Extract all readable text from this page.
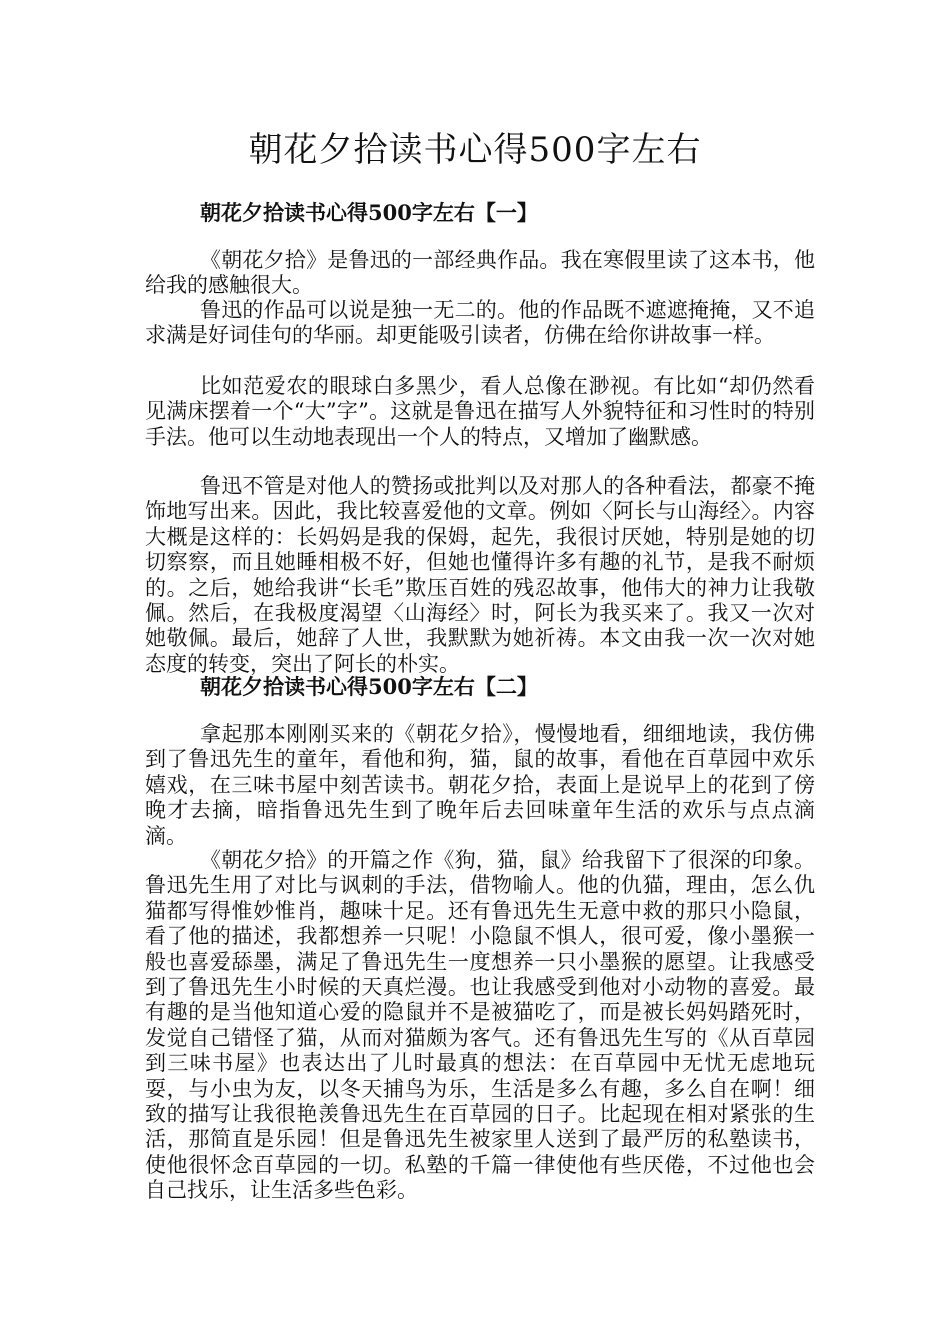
朝花夕拾读书心得500字左右
朝花夕拾读书心得500字左右【一】

《朝花夕拾》是鲁迅的一部经典作品。我在寒假里读了这本书，他给我的感触很大。

鲁迅的作品可以说是独一无二的。他的作品既不遮遮掩掩，又不追求满是好词佳句的华丽。却更能吸引读者，仿佛在给你讲故事一样。

比如范爱农的眼球白多黑少，看人总像在渺视。有比如“却仍然看见满床摆着一个“大”字”。这就是鲁迅在描写人外貌特征和习性时的特别手法。他可以生动地表现出一个人的特点，又增加了幽默感。

鲁迅不管是对他人的赞扬或批判以及对那人的各种看法，都豪不掩饰地写出来。因此，我比较喜爱他的文章。例如〈阿长与山海经〉。内容大概是这样的：长妈妈是我的保姆，起先，我很讨厌她，特别是她的切切察察，而且她睡相极不好，但她也懂得许多有趣的礼节，是我不耐烦的。之后，她给我讲“长毛”欺压百姓的残忍故事，他伟大的神力让我敬佩。然后，在我极度渴望〈山海经〉时，阿长为我买来了。我又一次对她敬佩。最后，她辞了人世，我默默为她祈祷。本文由我一次一次对她态度的转变，突出了阿长的朴实。

朝花夕拾读书心得500字左右【二】

拿起那本刚刚买来的《朝花夕拾》，慢慢地看，细细地读，我仿佛到了鲁迅先生的童年，看他和狗，猫，鼠的故事，看他在百草园中欢乐嬉戏，在三味书屋中刻苦读书。朝花夕拾，表面上是说早上的花到了傍晚才去摘，暗指鲁迅先生到了晚年后去回味童年生活的欢乐与点点滴滴。

《朝花夕拾》的开篇之作《狗，猫，鼠》给我留下了很深的印象。鲁迅先生用了对比与讽刺的手法，借物喻人。他的仇猫，理由，怎么仇猫都写得惟妙惟肖，趣味十足。还有鲁迅先生无意中救的那只小隐鼠，看了他的描述，我都想养一只呢！小隐鼠不惧人，很可爱，像小墨猴一般也喜爱舔墨，满足了鲁迅先生一度想养一只小墨猴的愿望。让我感受到了鲁迅先生小时候的天真烂漫。也让我感受到他对小动物的喜爱。最有趣的是当他知道心爱的隐鼠并不是被猫吃了，而是被长妈妈踏死时，发觉自己错怪了猫，从而对猫颇为客气。还有鲁迅先生写的《从百草园到三味书屋》也表达出了儿时最真的想法：在百草园中无忧无虑地玩耍，与小虫为友，以冬天捕鸟为乐，生活是多么有趣，多么自在啊！细致的描写让我很艳羡鲁迅先生在百草园的日子。比起现在相对紧张的生活，那简直是乐园！但是鲁迅先生被家里人送到了最严厉的私塾读书，使他很怀念百草园的一切。私塾的千篇一律使他有些厌倦，不过他也会自己找乐，让生活多些色彩。
